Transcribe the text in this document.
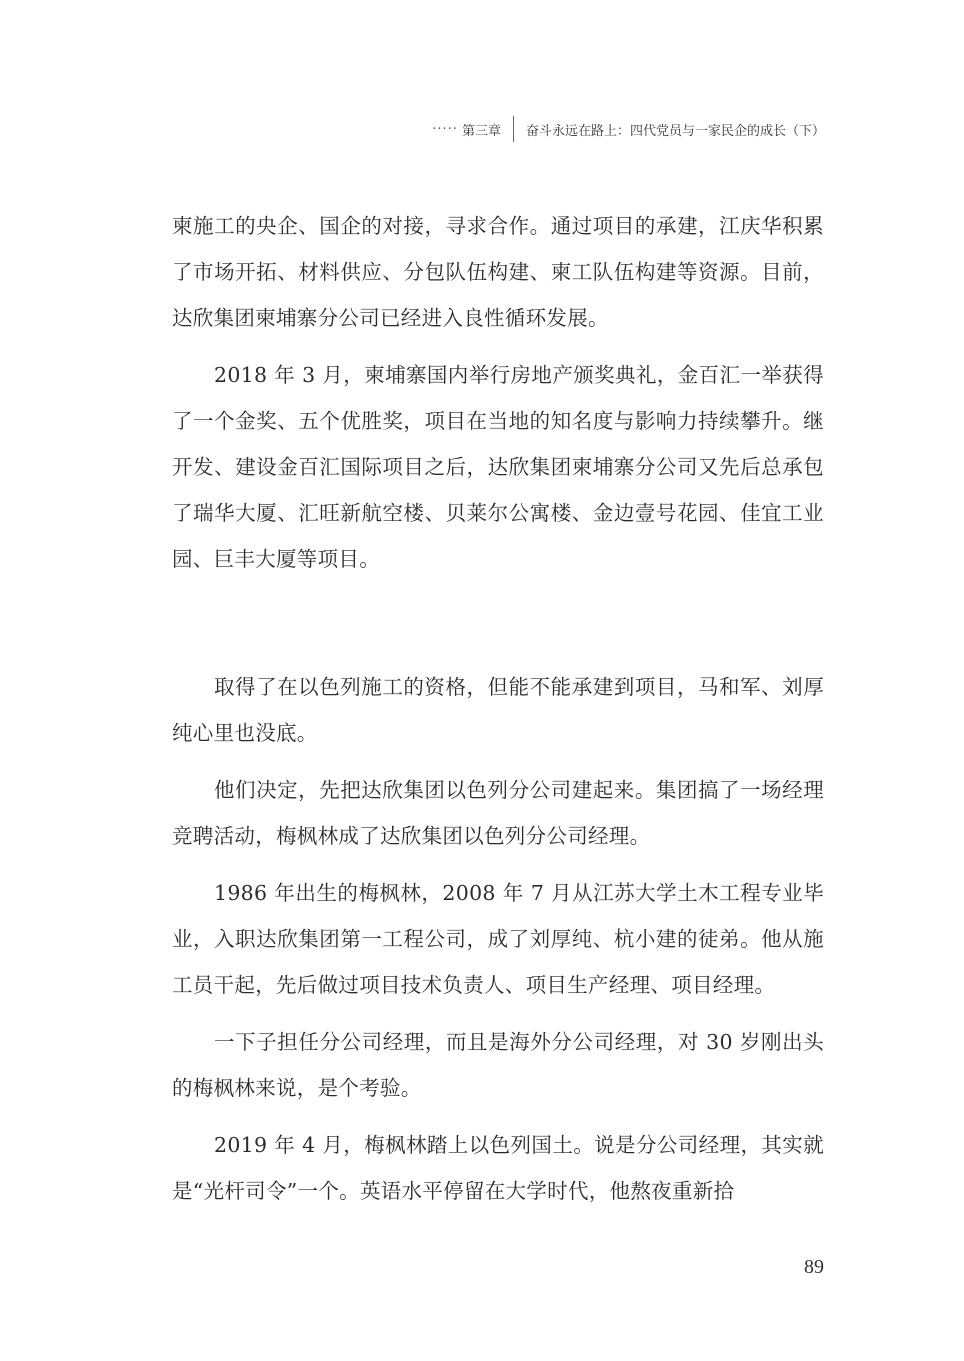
····· 第三章 奋斗永远在路上：四代党员与一家民企的成长（下）

柬施工的央企、国企的对接，寻求合作。通过项目的承建，江庆华积累了市场开拓、材料供应、分包队伍构建、柬工队伍构建等资源。目前，达欣集团柬埔寨分公司已经进入良性循环发展。

2018 年 3 月，柬埔寨国内举行房地产颁奖典礼，金百汇一举获得了一个金奖、五个优胜奖，项目在当地的知名度与影响力持续攀升。继开发、建设金百汇国际项目之后，达欣集团柬埔寨分公司又先后总承包了瑞华大厦、汇旺新航空楼、贝莱尔公寓楼、金边壹号花园、佳宜工业园、巨丰大厦等项目。

取得了在以色列施工的资格，但能不能承建到项目，马和军、刘厚纯心里也没底。

他们决定，先把达欣集团以色列分公司建起来。集团搞了一场经理竞聘活动，梅枫林成了达欣集团以色列分公司经理。

1986 年出生的梅枫林，2008 年 7 月从江苏大学土木工程专业毕业，入职达欣集团第一工程公司，成了刘厚纯、杭小建的徒弟。他从施工员干起，先后做过项目技术负责人、项目生产经理、项目经理。

一下子担任分公司经理，而且是海外分公司经理，对 30 岁刚出头的梅枫林来说，是个考验。

2019 年 4 月，梅枫林踏上以色列国土。说是分公司经理，其实就是“光杆司令”一个。英语水平停留在大学时代，他熬夜重新拾

89
